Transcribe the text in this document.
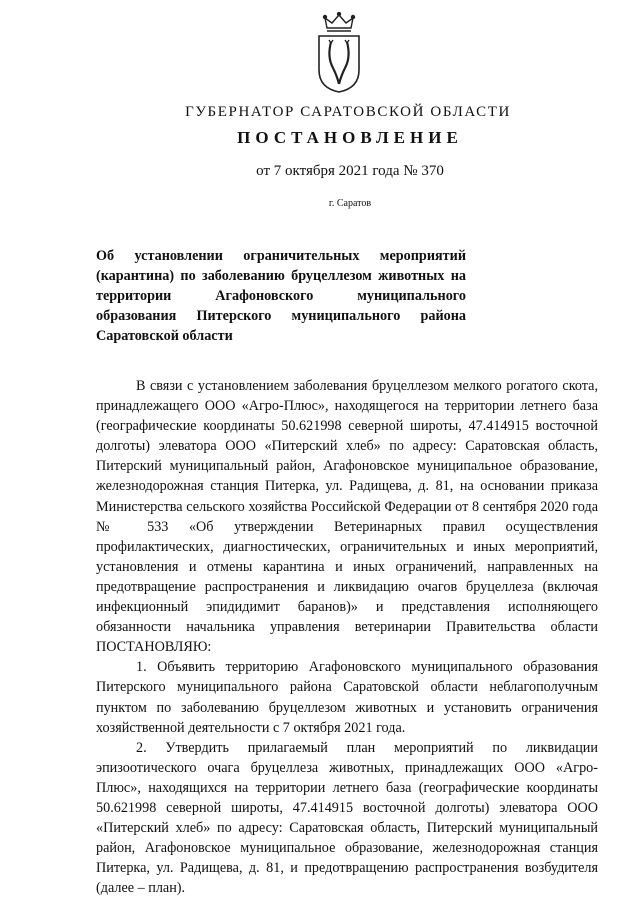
ГУБЕРНАТОР САРАТОВСКОЙ ОБЛАСТИ
ПОСТАНОВЛЕНИЕ
от 7 октября 2021 года № 370
г. Саратов
Об установлении ограничительных мероприятий (карантина) по заболеванию бруцеллезом животных на территории Агафоновского муниципального образования Питерского муниципального района Саратовской области

В связи с установлением заболевания бруцеллезом мелкого рогатого скота, принадлежащего ООО «Агро-Плюс», находящегося на территории летнего база (географические координаты 50.621998 северной широты, 47.414915 восточной долготы) элеватора ООО «Питерский хлеб» по адресу: Саратовская область, Питерский муниципальный район, Агафоновское муниципальное образование, железнодорожная станция Питерка, ул. Радищева, д. 81, на основании приказа Министерства сельского хозяйства Российской Федерации от 8 сентября 2020 года № 533 «Об утверждении Ветеринарных правил осуществления профилактических, диагностических, ограничительных и иных мероприятий, установления и отмены карантина и иных ограничений, направленных на предотвращение распространения и ликвидацию очагов бруцеллеза (включая инфекционный эпидидимит баранов)» и представления исполняющего обязанности начальника управления ветеринарии Правительства области ПОСТАНОВЛЯЮ:

1. Объявить территорию Агафоновского муниципального образования Питерского муниципального района Саратовской области неблагополучным пунктом по заболеванию бруцеллезом животных и установить ограничения хозяйственной деятельности с 7 октября 2021 года.

2. Утвердить прилагаемый план мероприятий по ликвидации эпизоотического очага бруцеллеза животных, принадлежащих ООО «Агро-Плюс», находящихся на территории летнего база (географические координаты 50.621998 северной широты, 47.414915 восточной долготы) элеватора ООО «Питерский хлеб» по адресу: Саратовская область, Питерский муниципальный район, Агафоновское муниципальное образование, железнодорожная станция Питерка, ул. Радищева, д. 81, и предотвращению распространения возбудителя (далее – план).
